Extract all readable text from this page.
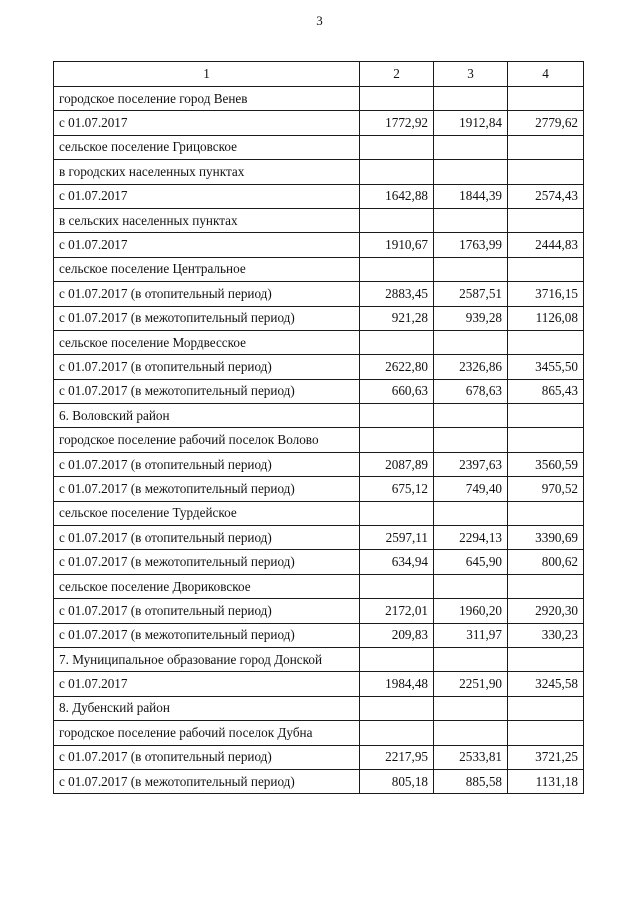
3
1	2	3	4
городское поселение город Венев			
с 01.07.2017	1772,92	1912,84	2779,62
сельское поселение Грицовское			
в городских населенных пунктах			
с 01.07.2017	1642,88	1844,39	2574,43
в сельских населенных пунктах			
с 01.07.2017	1910,67	1763,99	2444,83
сельское поселение Центральное			
с 01.07.2017 (в отопительный период)	2883,45	2587,51	3716,15
с 01.07.2017 (в межотопительный период)	921,28	939,28	1126,08
сельское поселение Мордвесское			
с 01.07.2017 (в отопительный период)	2622,80	2326,86	3455,50
с 01.07.2017 (в межотопительный период)	660,63	678,63	865,43
6. Воловский район			
городское поселение рабочий поселок Волово			
с 01.07.2017 (в отопительный период)	2087,89	2397,63	3560,59
с 01.07.2017 (в межотопительный период)	675,12	749,40	970,52
сельское поселение Турдейское			
с 01.07.2017 (в отопительный период)	2597,11	2294,13	3390,69
с 01.07.2017 (в межотопительный период)	634,94	645,90	800,62
сельское поселение Двориковское			
с 01.07.2017 (в отопительный период)	2172,01	1960,20	2920,30
с 01.07.2017 (в межотопительный период)	209,83	311,97	330,23
7. Муниципальное образование город Донской			
с 01.07.2017	1984,48	2251,90	3245,58
8. Дубенский район			
городское поселение рабочий поселок Дубна			
с 01.07.2017 (в отопительный период)	2217,95	2533,81	3721,25
с 01.07.2017 (в межотопительный период)	805,18	885,58	1131,18
